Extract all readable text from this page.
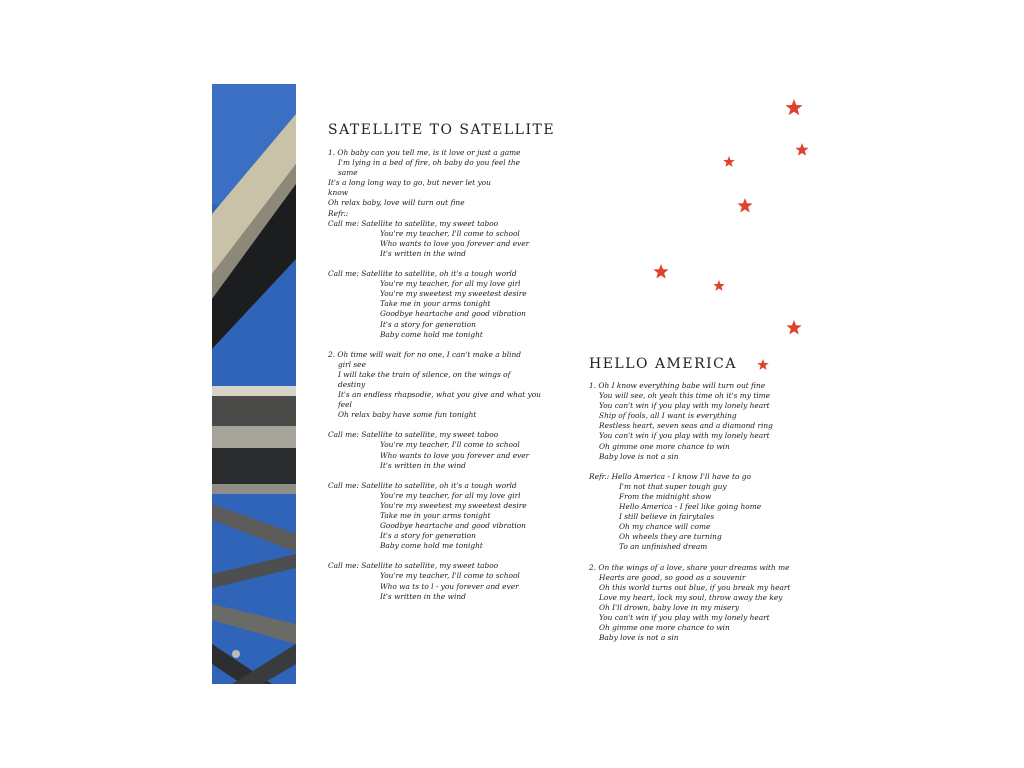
SATELLITE TO SATELLITE
1. Oh baby can you tell me, is it love or just a game
I'm lying in a bed of fire, oh baby do you feel the
same
It's a long long way to go, but never let you
know
Oh relax baby, love will turn out fine
Refr.:
Call me: Satellite to satellite, my sweet taboo
You're my teacher, I'll come to school
Who wants to love you forever and ever
It's written in the wind
Call me: Satellite to satellite, oh it's a tough world
You're my teacher, for all my love girl
You're my sweetest my sweetest desire
Take me in your arms tonight
Goodbye heartache and good vibration
It's a story for generation
Baby come hold me tonight
2. Oh time will wait for no one, I can't make a blind
girl see
I will take the train of silence, on the wings of
destiny
It's an endless rhapsodie, what you give and what you
feel
Oh relax baby have some fun tonight
Call me: Satellite to satellite, my sweet taboo
You're my teacher, I'll come to school
Who wants to love you forever and ever
It's written in the wind
Call me: Satellite to satellite, oh it's a tough world
You're my teacher, for all my love girl
You're my sweetest my sweetest desire
Take me in your arms tonight
Goodbye heartache and good vibration
It's a story for generation
Baby come hold me tonight
Call me: Satellite to satellite, my sweet taboo
You're my teacher, I'll come to school
Who wa ts to l - you forever and ever
It's written in the wind
HELLO AMERICA
1. Oh I know everything babe will turn out fine
You will see, oh yeah this time oh it's my time
You can't win if you play with my lonely heart
Ship of fools, all I want is everything
Restless heart, seven seas and a diamond ring
You can't win if you play with my lonely heart
Oh gimme one more chance to win
Baby love is not a sin
Refr.: Hello America - I know I'll have to go
I'm not that super tough guy
From the midnight show
Hello America - I feel like going home
I still believe in fairytales
Oh my chance will come
Oh wheels they are turning
To an unfinished dream
2. On the wings of a love, share your dreams with me
Hearts are good, so good as a souvenir
Oh this world turns out blue, if you break my heart
Love my heart, lock my soul, throw away the key
Oh I'll drown, baby love in my misery
You can't win if you play with my lonely heart
Oh gimme one more chance to win
Baby love is not a sin
